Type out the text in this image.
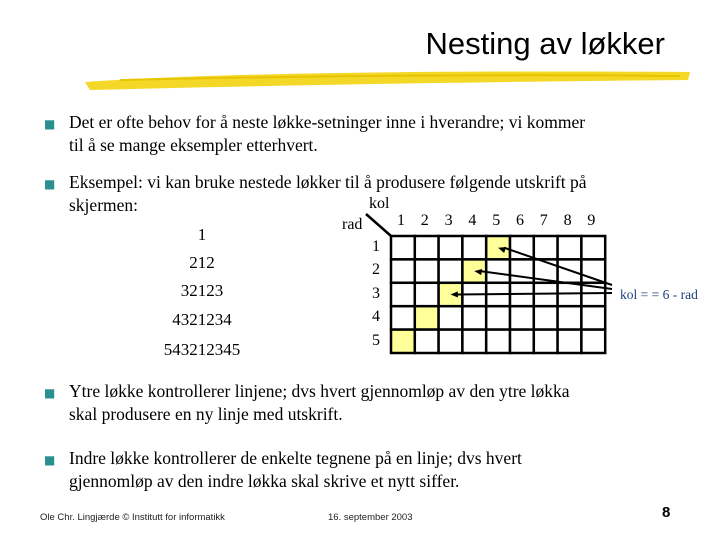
Nesting av løkker
■ Det er ofte behov for å neste løkke-setninger inne i hverandre; vi kommer
til å se mange eksempler etterhvert.
■ Eksempel: vi kan bruke nestede løkker til å produsere følgende utskrift på
skjermen:
■ Ytre løkke kontrollerer linjene; dvs hvert gjennomløp av den ytre løkka
skal produsere en ny linje med utskrift.
■ Indre løkke kontrollerer de enkelte tegnene på en linje; dvs hvert
gjennomløp av den indre løkka skal skrive et nytt siffer.
1
212
32123
4321234
543212345
kol
rad 1 2 3 4 5 6 7 8 9
1
2
3
4
5
kol = = 6 - rad
Ole Chr. Lingjærde © Institutt for informatikk	16. september 2003	8
